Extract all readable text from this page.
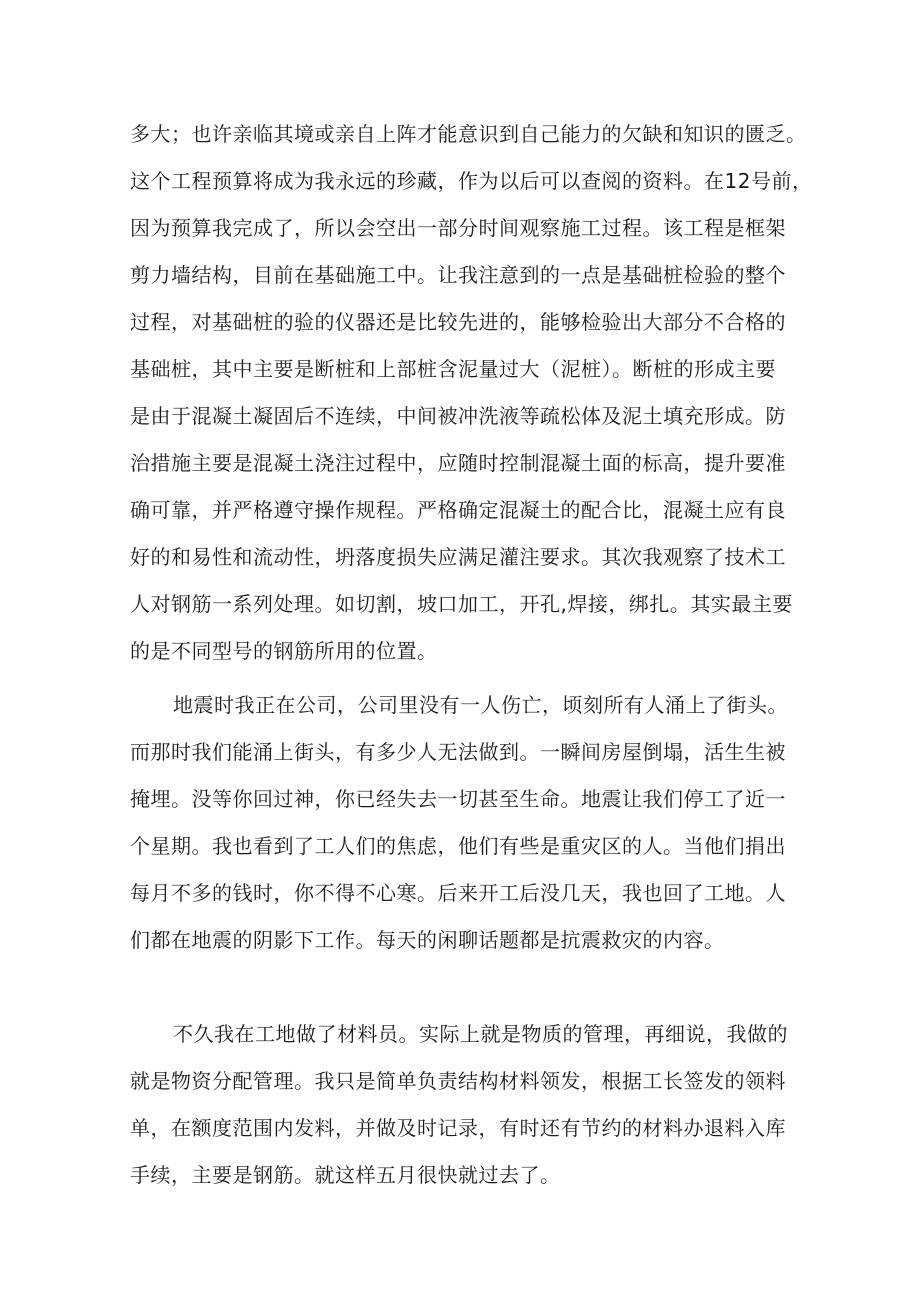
多大；也许亲临其境或亲自上阵才能意识到自己能力的欠缺和知识的匮乏。
这个工程预算将成为我永远的珍藏，作为以后可以查阅的资料。在12号前，
因为预算我完成了，所以会空出一部分时间观察施工过程。该工程是框架
剪力墙结构，目前在基础施工中。让我注意到的一点是基础桩检验的整个
过程，对基础桩的验的仪器还是比较先进的，能够检验出大部分不合格的
基础桩，其中主要是断桩和上部桩含泥量过大（泥桩）。断桩的形成主要
是由于混凝土凝固后不连续，中间被冲洗液等疏松体及泥土填充形成。防
治措施主要是混凝土浇注过程中，应随时控制混凝土面的标高，提升要准
确可靠，并严格遵守操作规程。严格确定混凝土的配合比，混凝土应有良
好的和易性和流动性，坍落度损失应满足灌注要求。其次我观察了技术工
人对钢筋一系列处理。如切割，坡口加工，开孔,焊接，绑扎。其实最主要
的是不同型号的钢筋所用的位置。
地震时我正在公司，公司里没有一人伤亡，顷刻所有人涌上了街头。
而那时我们能涌上街头，有多少人无法做到。一瞬间房屋倒塌，活生生被
掩埋。没等你回过神，你已经失去一切甚至生命。地震让我们停工了近一
个星期。我也看到了工人们的焦虑，他们有些是重灾区的人。当他们捐出
每月不多的钱时，你不得不心寒。后来开工后没几天，我也回了工地。人
们都在地震的阴影下工作。每天的闲聊话题都是抗震救灾的内容。
不久我在工地做了材料员。实际上就是物质的管理，再细说，我做的
就是物资分配管理。我只是简单负责结构材料领发，根据工长签发的领料
单，在额度范围内发料，并做及时记录，有时还有节约的材料办退料入库
手续，主要是钢筋。就这样五月很快就过去了。
